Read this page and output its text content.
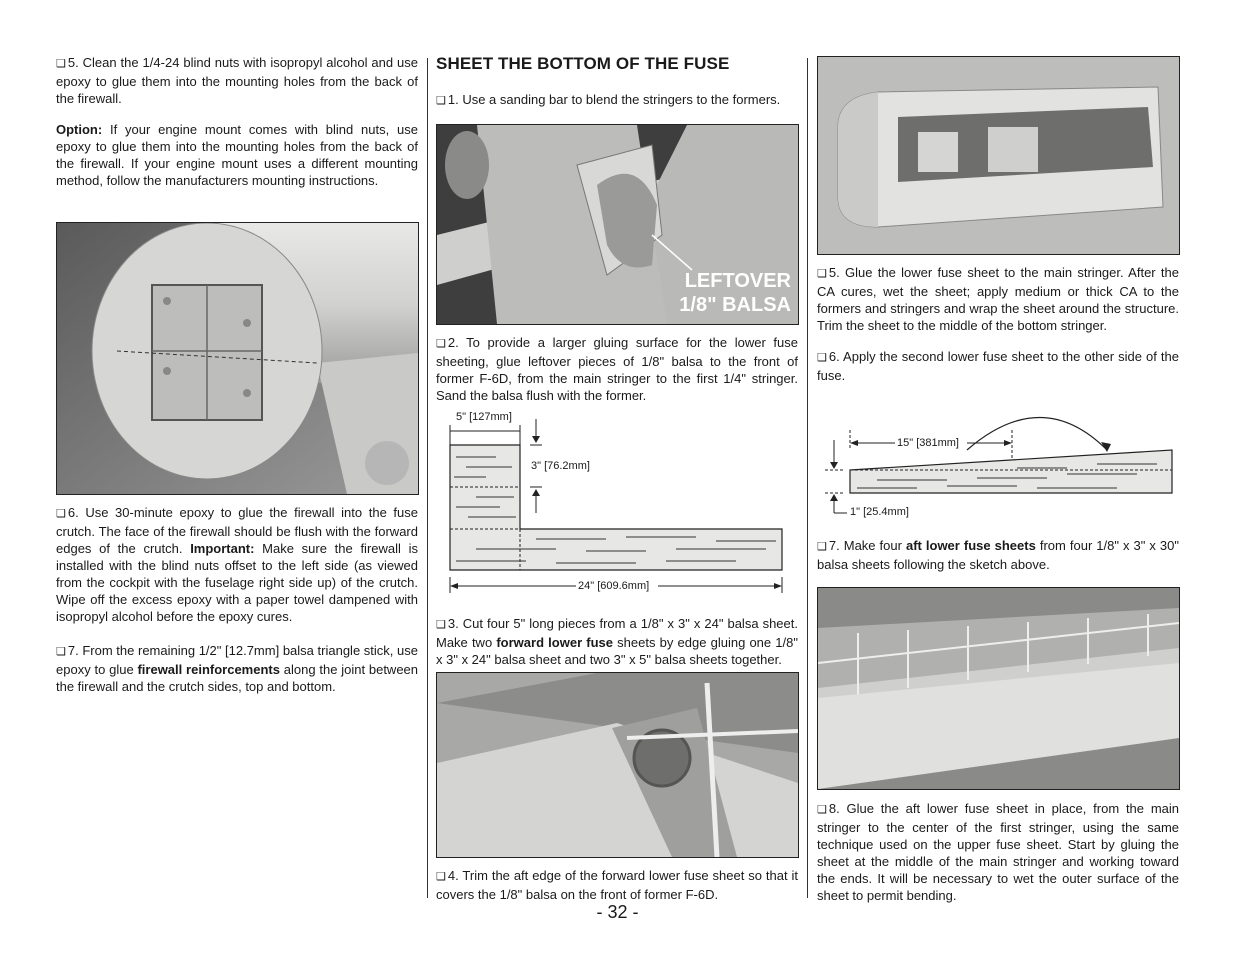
❑ 5. Clean the 1/4-24 blind nuts with isopropyl alcohol and use epoxy to glue them into the mounting holes from the back of the firewall.

Option: If your engine mount comes with blind nuts, use epoxy to glue them into the mounting holes from the back of the firewall. If your engine mount uses a different mounting method, follow the manufacturers mounting instructions.

❑ 6. Use 30-minute epoxy to glue the firewall into the fuse crutch. The face of the firewall should be flush with the forward edges of the crutch. Important: Make sure the firewall is installed with the blind nuts offset to the left side (as viewed from the cockpit with the fuselage right side up) of the crutch. Wipe off the excess epoxy with a paper towel dampened with isopropyl alcohol before the epoxy cures.

❑ 7. From the remaining 1/2" [12.7mm] balsa triangle stick, use epoxy to glue firewall reinforcements along the joint between the firewall and the crutch sides, top and bottom.

SHEET THE BOTTOM OF THE FUSE

❑ 1. Use a sanding bar to blend the stringers to the formers.

LEFTOVER
1/8" BALSA

❑ 2. To provide a larger gluing surface for the lower fuse sheeting, glue leftover pieces of 1/8" balsa to the front of former F-6D, from the main stringer to the first 1/4" stringer. Sand the balsa flush with the former.

5" [127mm]
3" [76.2mm]
24" [609.6mm]

❑ 3. Cut four 5" long pieces from a 1/8" x 3" x 24" balsa sheet. Make two forward lower fuse sheets by edge gluing one 1/8" x 3" x 24" balsa sheet and two 3" x 5" balsa sheets together.

❑ 4. Trim the aft edge of the forward lower fuse sheet so that it covers the 1/8" balsa on the front of former F-6D.

❑ 5. Glue the lower fuse sheet to the main stringer. After the CA cures, wet the sheet; apply medium or thick CA to the formers and stringers and wrap the sheet around the structure. Trim the sheet to the middle of the bottom stringer.

❑ 6. Apply the second lower fuse sheet to the other side of the fuse.

15" [381mm]
1" [25.4mm]

❑ 7. Make four aft lower fuse sheets from four 1/8" x 3" x 30" balsa sheets following the sketch above.

❑ 8. Glue the aft lower fuse sheet in place, from the main stringer to the center of the first stringer, using the same technique used on the upper fuse sheet. Start by gluing the sheet at the middle of the main stringer and working toward the ends. It will be necessary to wet the outer surface of the sheet to permit bending.

- 32 -
